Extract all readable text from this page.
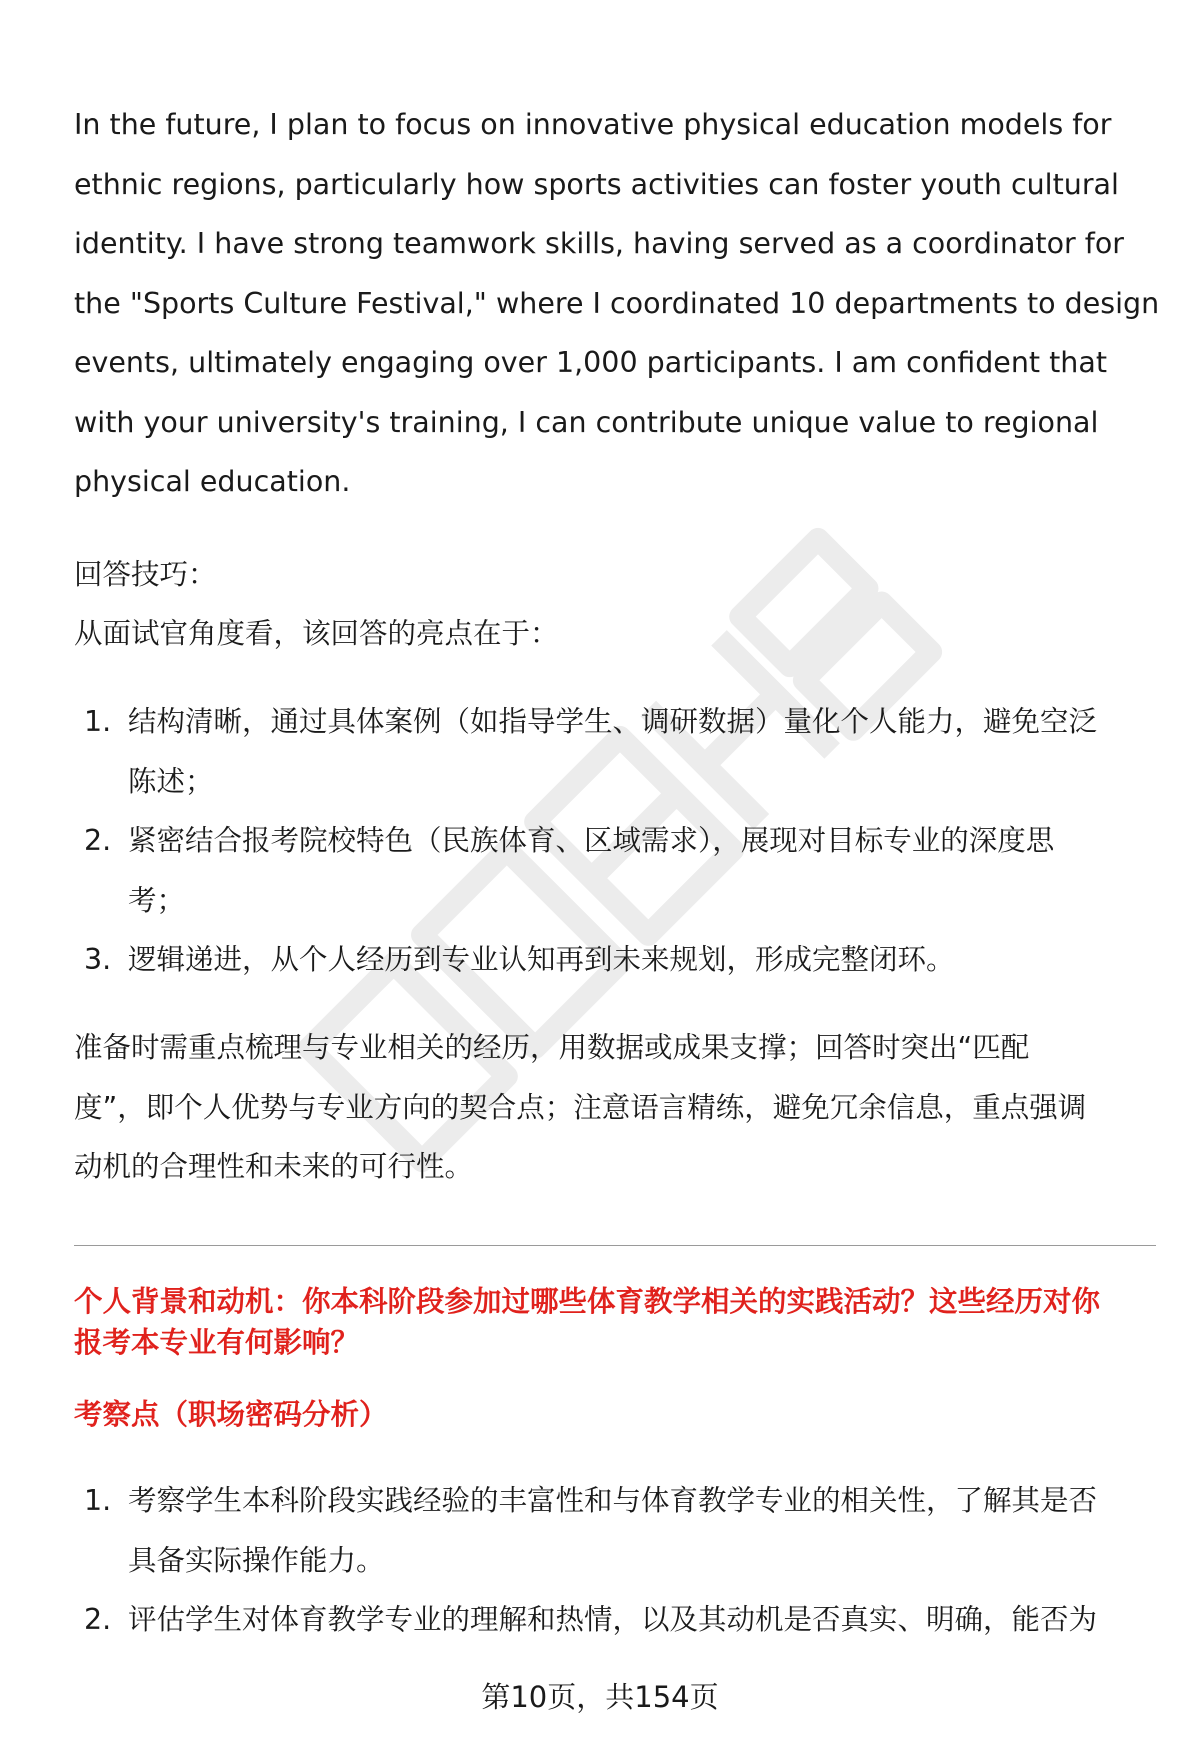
In the future, I plan to focus on innovative physical education models for

ethnic regions, particularly how sports activities can foster youth cultural

identity. I have strong teamwork skills, having served as a coordinator for

the "Sports Culture Festival," where I coordinated 10 departments to design

events, ultimately engaging over 1,000 participants. I am confident that

with your university's training, I can contribute unique value to regional

physical education.

回答技巧：

从面试官角度看，该回答的亮点在于：

1. 结构清晰，通过具体案例（如指导学生、调研数据）量化个人能力，避免空泛
陈述；
2. 紧密结合报考院校特色（民族体育、区域需求），展现对目标专业的深度思
考；
3. 逻辑递进，从个人经历到专业认知再到未来规划，形成完整闭环。

准备时需重点梳理与专业相关的经历，用数据或成果支撑；回答时突出“匹配

度”，即个人优势与专业方向的契合点；注意语言精练，避免冗余信息，重点强调

动机的合理性和未来的可行性。

个人背景和动机：你本科阶段参加过哪些体育教学相关的实践活动？这些经历对你
报考本专业有何影响？

考察点（职场密码分析）

1. 考察学生本科阶段实践经验的丰富性和与体育教学专业的相关性，了解其是否
具备实际操作能力。
2. 评估学生对体育教学专业的理解和热情，以及其动机是否真实、明确，能否为
第10页，共154页
